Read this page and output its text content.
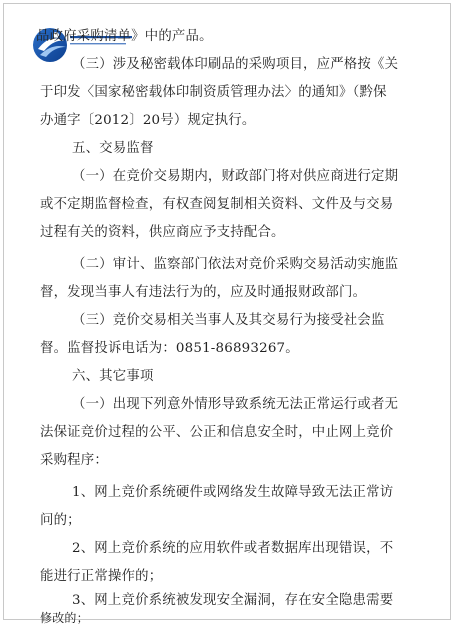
品政府采购清单》中的产品。
（三）涉及秘密载体印刷品的采购项目，应严格按《关
于印发〈国家秘密载体印制资质管理办法〉的通知》（黔保
办通字〔2012〕20号）规定执行。
五、交易监督
（一）在竞价交易期内，财政部门将对供应商进行定期
或不定期监督检查，有权查阅复制相关资料、文件及与交易
过程有关的资料，供应商应予支持配合。
（二）审计、监察部门依法对竞价采购交易活动实施监
督，发现当事人有违法行为的，应及时通报财政部门。
（三）竞价交易相关当事人及其交易行为接受社会监
督。监督投诉电话为：0851-86893267。
六、其它事项
（一）出现下列意外情形导致系统无法正常运行或者无
法保证竞价过程的公平、公正和信息安全时，中止网上竞价
采购程序：
1、网上竞价系统硬件或网络发生故障导致无法正常访
问的；
2、网上竞价系统的应用软件或者数据库出现错误，不
能进行正常操作的；
3、网上竞价系统被发现安全漏洞，存在安全隐患需要
修改的；
